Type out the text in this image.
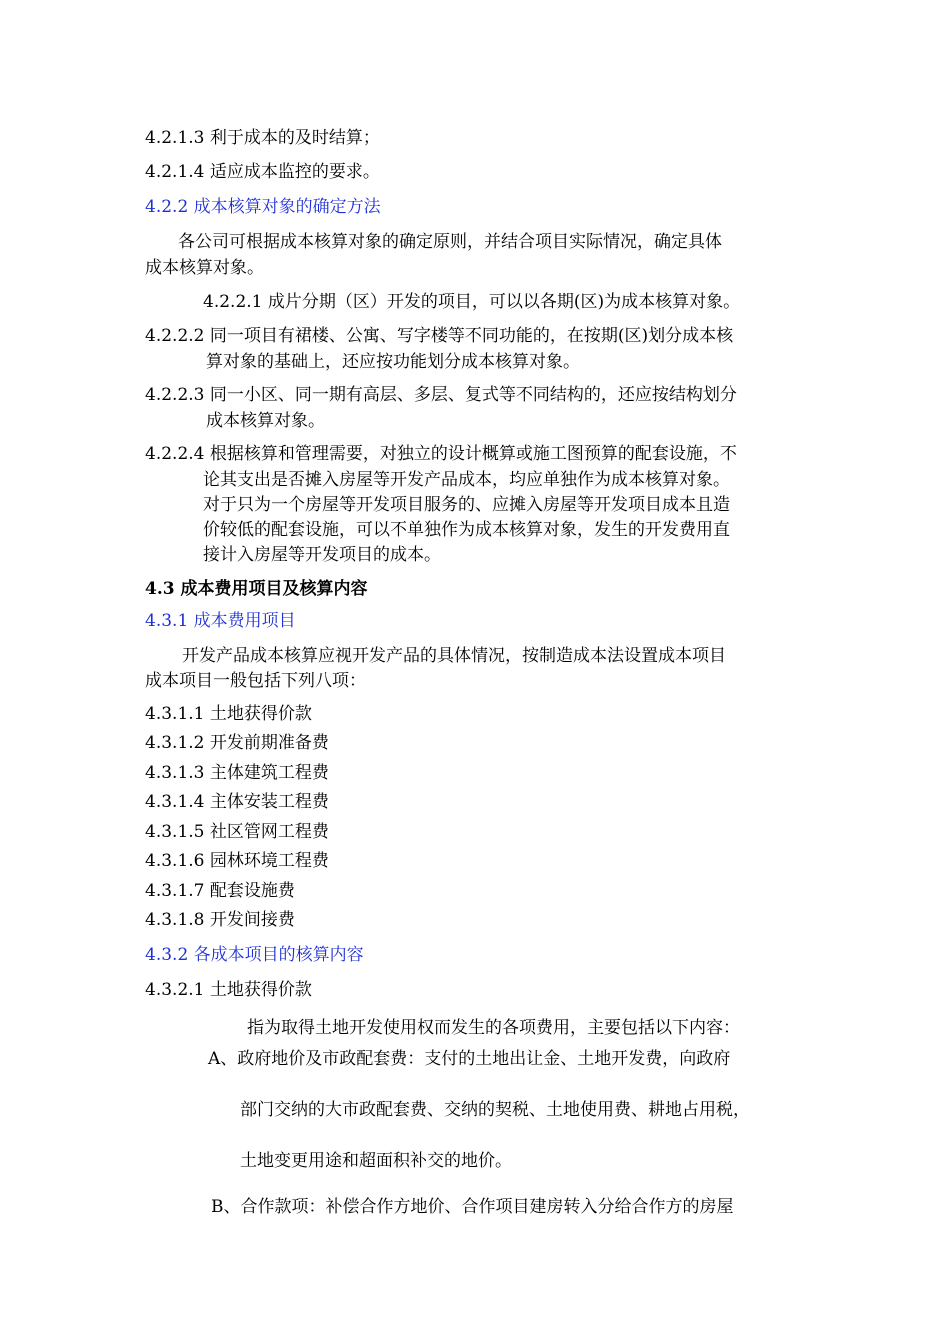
4.2.1.3 利于成本的及时结算；
4.2.1.4 适应成本监控的要求。
4.2.2 成本核算对象的确定方法
各公司可根据成本核算对象的确定原则，并结合项目实际情况，确定具体
成本核算对象。
4.2.2.1 成片分期（区）开发的项目，可以以各期(区)为成本核算对象。
4.2.2.2 同一项目有裙楼、公寓、写字楼等不同功能的，在按期(区)划分成本核
算对象的基础上，还应按功能划分成本核算对象。
4.2.2.3 同一小区、同一期有高层、多层、复式等不同结构的，还应按结构划分
成本核算对象。
4.2.2.4 根据核算和管理需要，对独立的设计概算或施工图预算的配套设施，不
论其支出是否摊入房屋等开发产品成本，均应单独作为成本核算对象。
对于只为一个房屋等开发项目服务的、应摊入房屋等开发项目成本且造
价较低的配套设施，可以不单独作为成本核算对象，发生的开发费用直
接计入房屋等开发项目的成本。
4.3 成本费用项目及核算内容
4.3.1 成本费用项目
开发产品成本核算应视开发产品的具体情况，按制造成本法设置成本项目
成本项目一般包括下列八项：
4.3.1.1 土地获得价款
4.3.1.2 开发前期准备费
4.3.1.3 主体建筑工程费
4.3.1.4 主体安装工程费
4.3.1.5 社区管网工程费
4.3.1.6 园林环境工程费
4.3.1.7 配套设施费
4.3.1.8 开发间接费
4.3.2 各成本项目的核算内容
4.3.2.1 土地获得价款
指为取得土地开发使用权而发生的各项费用，主要包括以下内容：
A、政府地价及市政配套费：支付的土地出让金、土地开发费，向政府
部门交纳的大市政配套费、交纳的契税、土地使用费、耕地占用税，
土地变更用途和超面积补交的地价。
B、合作款项：补偿合作方地价、合作项目建房转入分给合作方的房屋
